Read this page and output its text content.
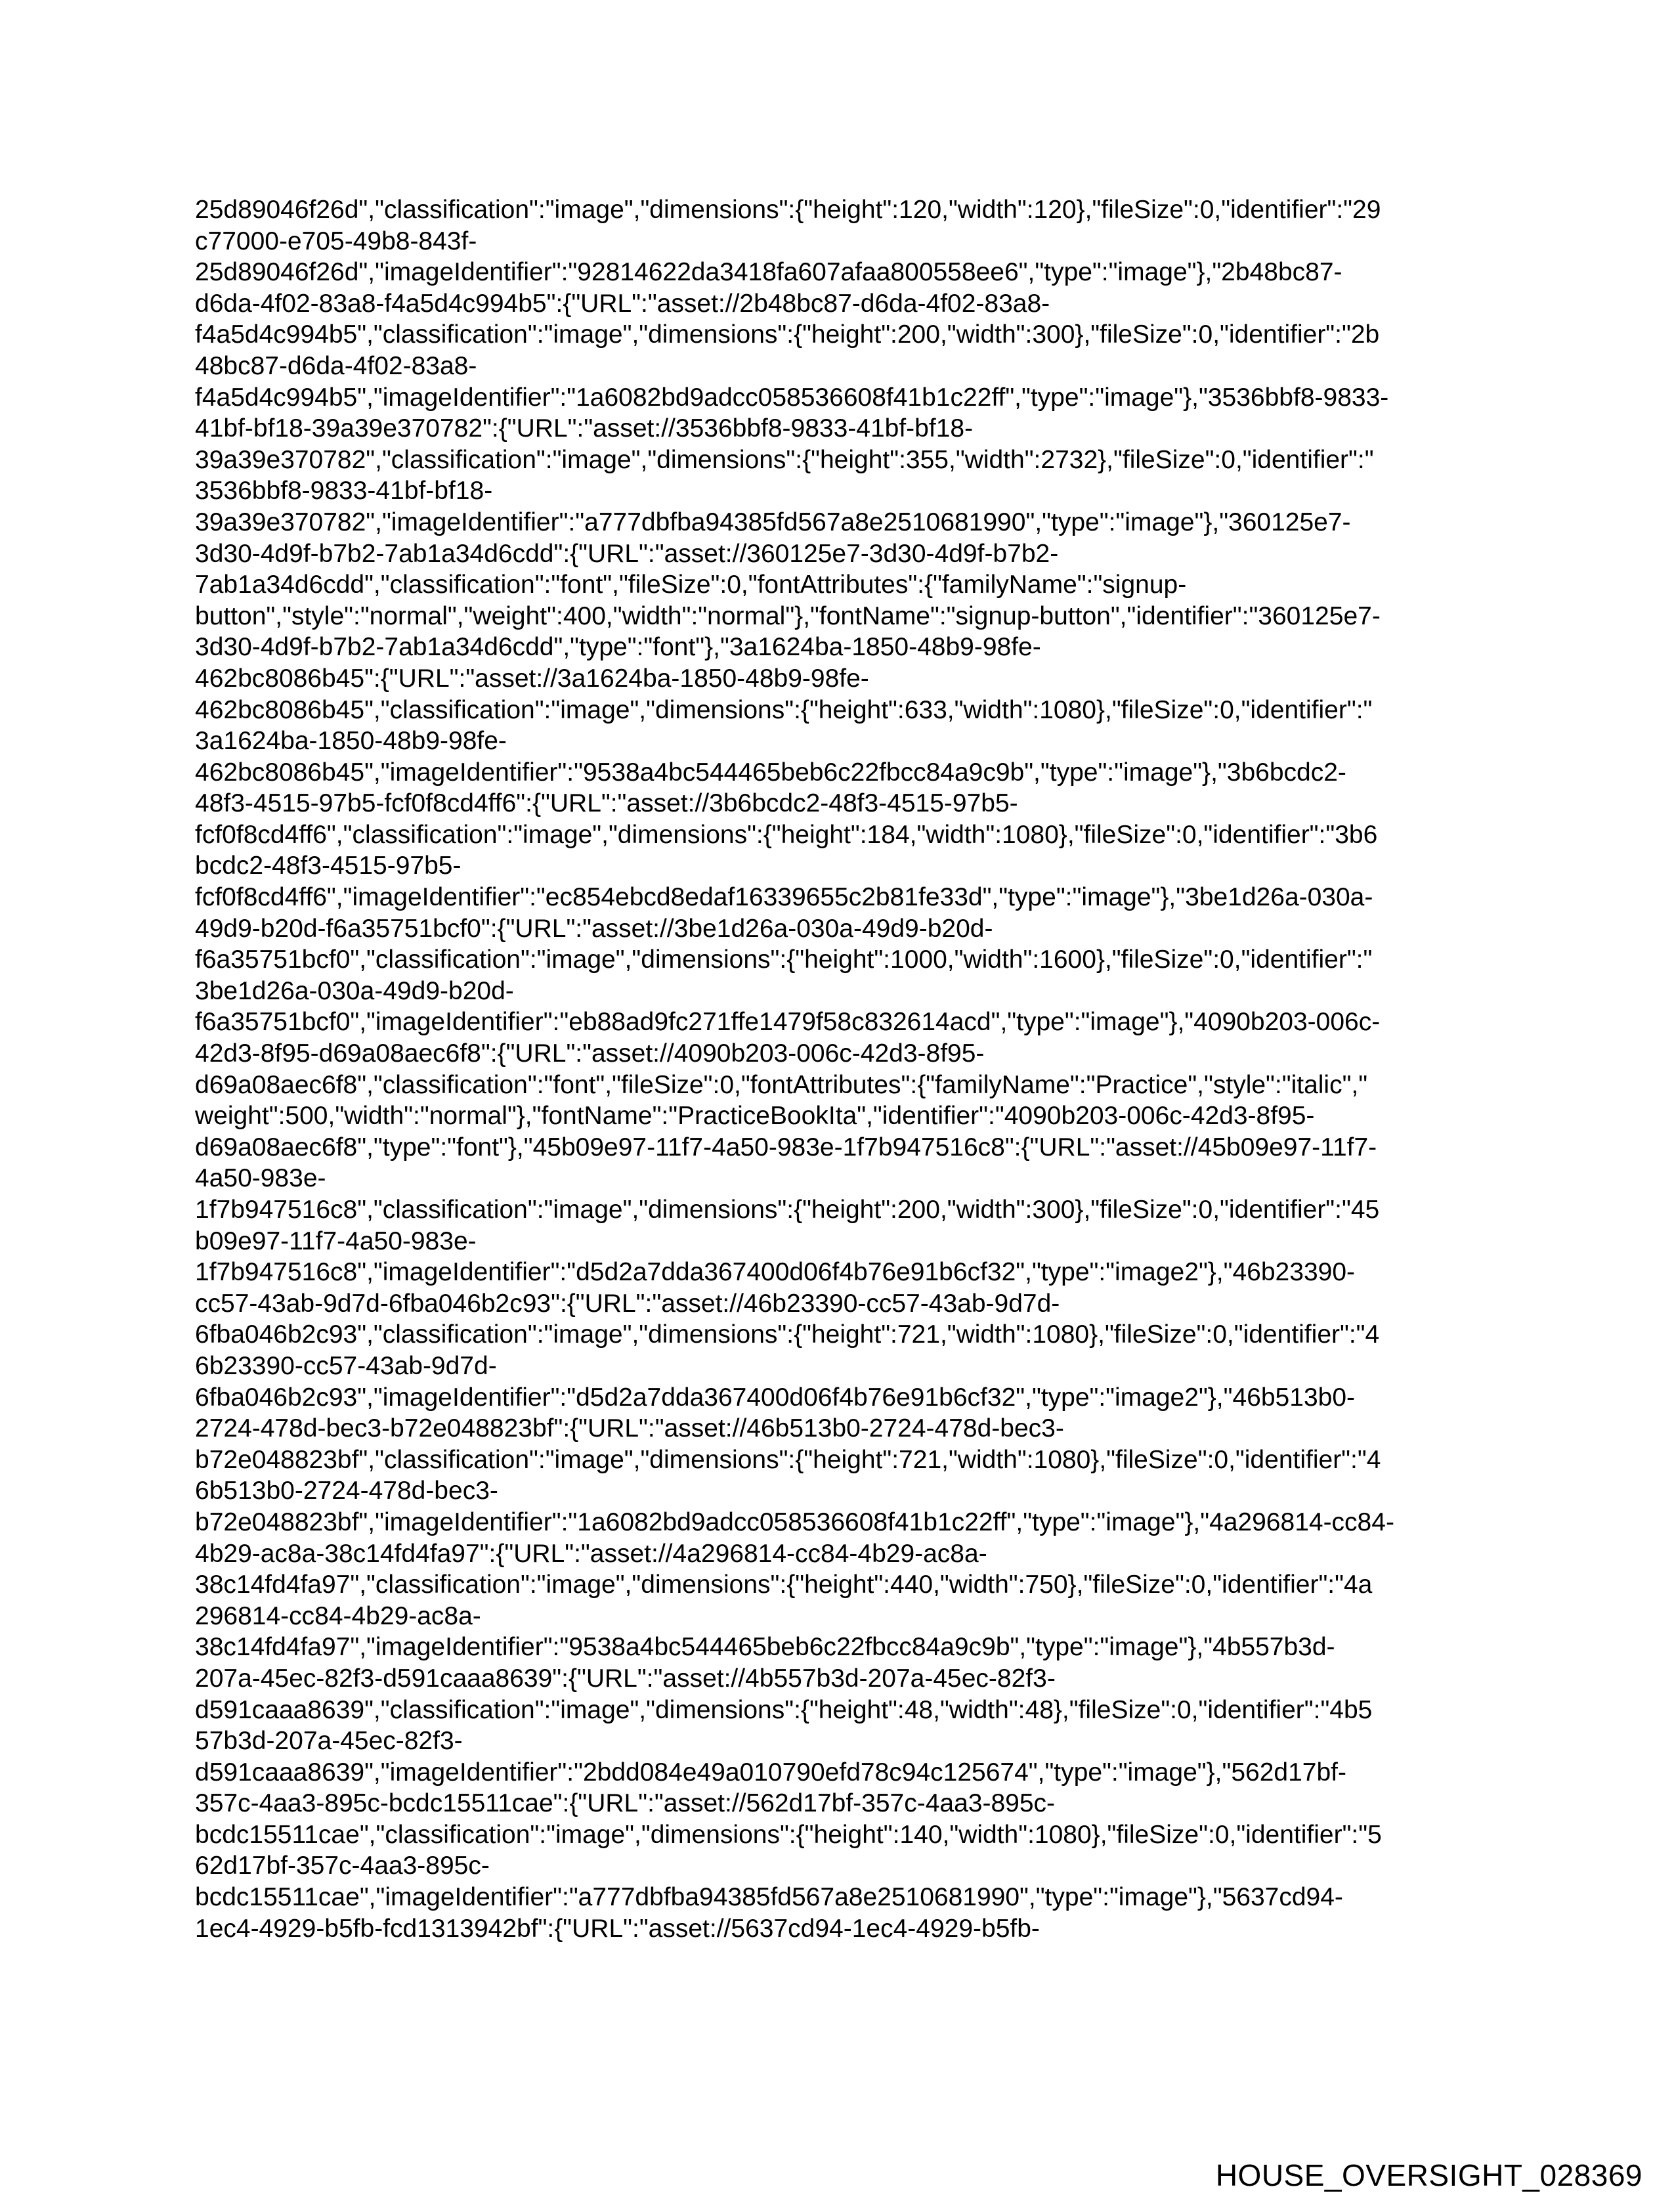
25d89046f26d","classification":"image","dimensions":{"height":120,"width":120},"fileSize":0,"identifier":"29
c77000-e705-49b8-843f-
25d89046f26d","imageIdentifier":"92814622da3418fa607afaa800558ee6","type":"image"},"2b48bc87-
d6da-4f02-83a8-f4a5d4c994b5":{"URL":"asset://2b48bc87-d6da-4f02-83a8-
f4a5d4c994b5","classification":"image","dimensions":{"height":200,"width":300},"fileSize":0,"identifier":"2b
48bc87-d6da-4f02-83a8-
f4a5d4c994b5","imageIdentifier":"1a6082bd9adcc058536608f41b1c22ff","type":"image"},"3536bbf8-9833-
41bf-bf18-39a39e370782":{"URL":"asset://3536bbf8-9833-41bf-bf18-
39a39e370782","classification":"image","dimensions":{"height":355,"width":2732},"fileSize":0,"identifier":"
3536bbf8-9833-41bf-bf18-
39a39e370782","imageIdentifier":"a777dbfba94385fd567a8e2510681990","type":"image"},"360125e7-
3d30-4d9f-b7b2-7ab1a34d6cdd":{"URL":"asset://360125e7-3d30-4d9f-b7b2-
7ab1a34d6cdd","classification":"font","fileSize":0,"fontAttributes":{"familyName":"signup-
button","style":"normal","weight":400,"width":"normal"},"fontName":"signup-button","identifier":"360125e7-
3d30-4d9f-b7b2-7ab1a34d6cdd","type":"font"},"3a1624ba-1850-48b9-98fe-
462bc8086b45":{"URL":"asset://3a1624ba-1850-48b9-98fe-
462bc8086b45","classification":"image","dimensions":{"height":633,"width":1080},"fileSize":0,"identifier":"
3a1624ba-1850-48b9-98fe-
462bc8086b45","imageIdentifier":"9538a4bc544465beb6c22fbcc84a9c9b","type":"image"},"3b6bcdc2-
48f3-4515-97b5-fcf0f8cd4ff6":{"URL":"asset://3b6bcdc2-48f3-4515-97b5-
fcf0f8cd4ff6","classification":"image","dimensions":{"height":184,"width":1080},"fileSize":0,"identifier":"3b6
bcdc2-48f3-4515-97b5-
fcf0f8cd4ff6","imageIdentifier":"ec854ebcd8edaf16339655c2b81fe33d","type":"image"},"3be1d26a-030a-
49d9-b20d-f6a35751bcf0":{"URL":"asset://3be1d26a-030a-49d9-b20d-
f6a35751bcf0","classification":"image","dimensions":{"height":1000,"width":1600},"fileSize":0,"identifier":"
3be1d26a-030a-49d9-b20d-
f6a35751bcf0","imageIdentifier":"eb88ad9fc271ffe1479f58c832614acd","type":"image"},"4090b203-006c-
42d3-8f95-d69a08aec6f8":{"URL":"asset://4090b203-006c-42d3-8f95-
d69a08aec6f8","classification":"font","fileSize":0,"fontAttributes":{"familyName":"Practice","style":"italic","
weight":500,"width":"normal"},"fontName":"PracticeBookIta","identifier":"4090b203-006c-42d3-8f95-
d69a08aec6f8","type":"font"},"45b09e97-11f7-4a50-983e-1f7b947516c8":{"URL":"asset://45b09e97-11f7-
4a50-983e-
1f7b947516c8","classification":"image","dimensions":{"height":200,"width":300},"fileSize":0,"identifier":"45
b09e97-11f7-4a50-983e-
1f7b947516c8","imageIdentifier":"d5d2a7dda367400d06f4b76e91b6cf32","type":"image2"},"46b23390-
cc57-43ab-9d7d-6fba046b2c93":{"URL":"asset://46b23390-cc57-43ab-9d7d-
6fba046b2c93","classification":"image","dimensions":{"height":721,"width":1080},"fileSize":0,"identifier":"4
6b23390-cc57-43ab-9d7d-
6fba046b2c93","imageIdentifier":"d5d2a7dda367400d06f4b76e91b6cf32","type":"image2"},"46b513b0-
2724-478d-bec3-b72e048823bf":{"URL":"asset://46b513b0-2724-478d-bec3-
b72e048823bf","classification":"image","dimensions":{"height":721,"width":1080},"fileSize":0,"identifier":"4
6b513b0-2724-478d-bec3-
b72e048823bf","imageIdentifier":"1a6082bd9adcc058536608f41b1c22ff","type":"image"},"4a296814-cc84-
4b29-ac8a-38c14fd4fa97":{"URL":"asset://4a296814-cc84-4b29-ac8a-
38c14fd4fa97","classification":"image","dimensions":{"height":440,"width":750},"fileSize":0,"identifier":"4a
296814-cc84-4b29-ac8a-
38c14fd4fa97","imageIdentifier":"9538a4bc544465beb6c22fbcc84a9c9b","type":"image"},"4b557b3d-
207a-45ec-82f3-d591caaa8639":{"URL":"asset://4b557b3d-207a-45ec-82f3-
d591caaa8639","classification":"image","dimensions":{"height":48,"width":48},"fileSize":0,"identifier":"4b5
57b3d-207a-45ec-82f3-
d591caaa8639","imageIdentifier":"2bdd084e49a010790efd78c94c125674","type":"image"},"562d17bf-
357c-4aa3-895c-bcdc15511cae":{"URL":"asset://562d17bf-357c-4aa3-895c-
bcdc15511cae","classification":"image","dimensions":{"height":140,"width":1080},"fileSize":0,"identifier":"5
62d17bf-357c-4aa3-895c-
bcdc15511cae","imageIdentifier":"a777dbfba94385fd567a8e2510681990","type":"image"},"5637cd94-
1ec4-4929-b5fb-fcd1313942bf":{"URL":"asset://5637cd94-1ec4-4929-b5fb-
HOUSE_OVERSIGHT_028369
